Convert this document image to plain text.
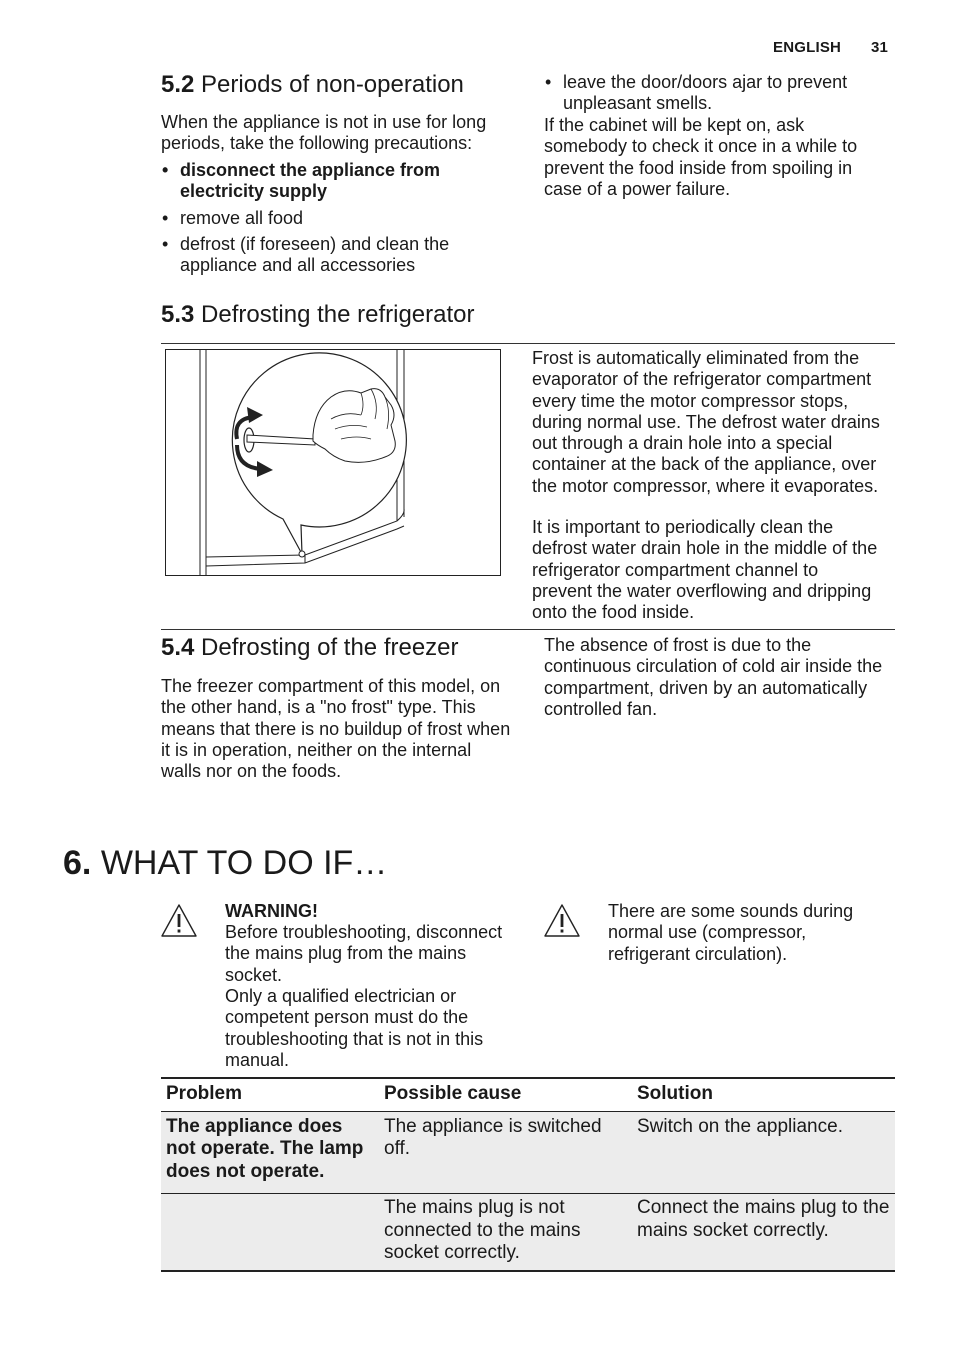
ENGLISH 31
5.2 Periods of non-operation

When the appliance is not in use for long periods, take the following precautions:

• disconnect the appliance from electricity supply
• remove all food
• defrost (if foreseen) and clean the appliance and all accessories
• leave the door/doors ajar to prevent unpleasant smells.

If the cabinet will be kept on, ask somebody to check it once in a while to prevent the food inside from spoiling in case of a power failure.

5.3 Defrosting the refrigerator

Frost is automatically eliminated from the evaporator of the refrigerator compartment every time the motor compressor stops, during normal use. The defrost water drains out through a drain hole into a special container at the back of the appliance, over the motor compressor, where it evaporates.

It is important to periodically clean the defrost water drain hole in the middle of the refrigerator compartment channel to prevent the water overflowing and dripping onto the food inside.

5.4 Defrosting of the freezer

The freezer compartment of this model, on the other hand, is a "no frost" type. This means that there is no buildup of frost when it is in operation, neither on the internal walls nor on the foods.

The absence of frost is due to the continuous circulation of cold air inside the compartment, driven by an automatically controlled fan.

6. WHAT TO DO IF…
WARNING!

Before troubleshooting, disconnect the mains plug from the mains socket.

Only a qualified electrician or competent person must do the troubleshooting that is not in this manual.

There are some sounds during normal use (compressor, refrigerant circulation).

Problem	Possible cause	Solution
The appliance does not operate. The lamp does not operate.	The appliance is switched off.	Switch on the appliance.
	The mains plug is not connected to the mains socket correctly.	Connect the mains plug to the mains socket correctly.
